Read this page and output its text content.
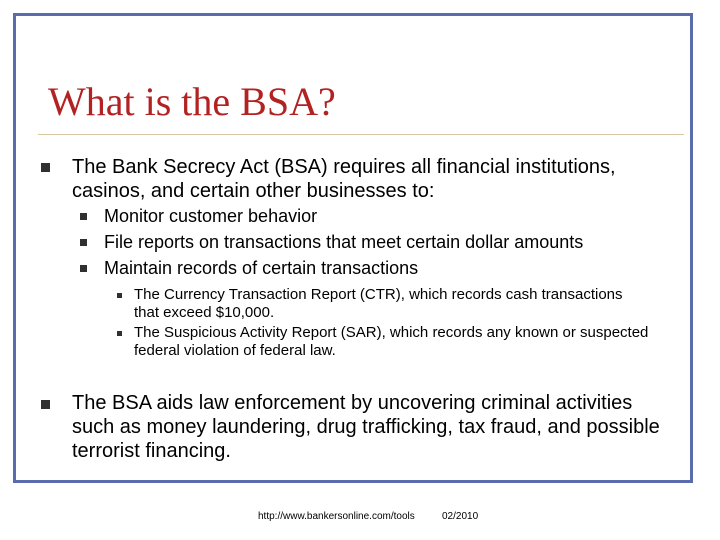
What is the BSA?

The Bank Secrecy Act (BSA) requires all financial institutions, casinos, and certain other businesses to:

Monitor customer behavior

File reports on transactions that meet certain dollar amounts

Maintain records of certain transactions

The Currency Transaction Report (CTR), which records cash transactions that exceed $10,000.

The Suspicious Activity Report (SAR), which records any known or suspected federal violation of federal law.

The BSA aids law enforcement by uncovering criminal activities such as money laundering, drug trafficking, tax fraud, and possible terrorist financing.

http://www.bankersonline.com/tools	02/2010
